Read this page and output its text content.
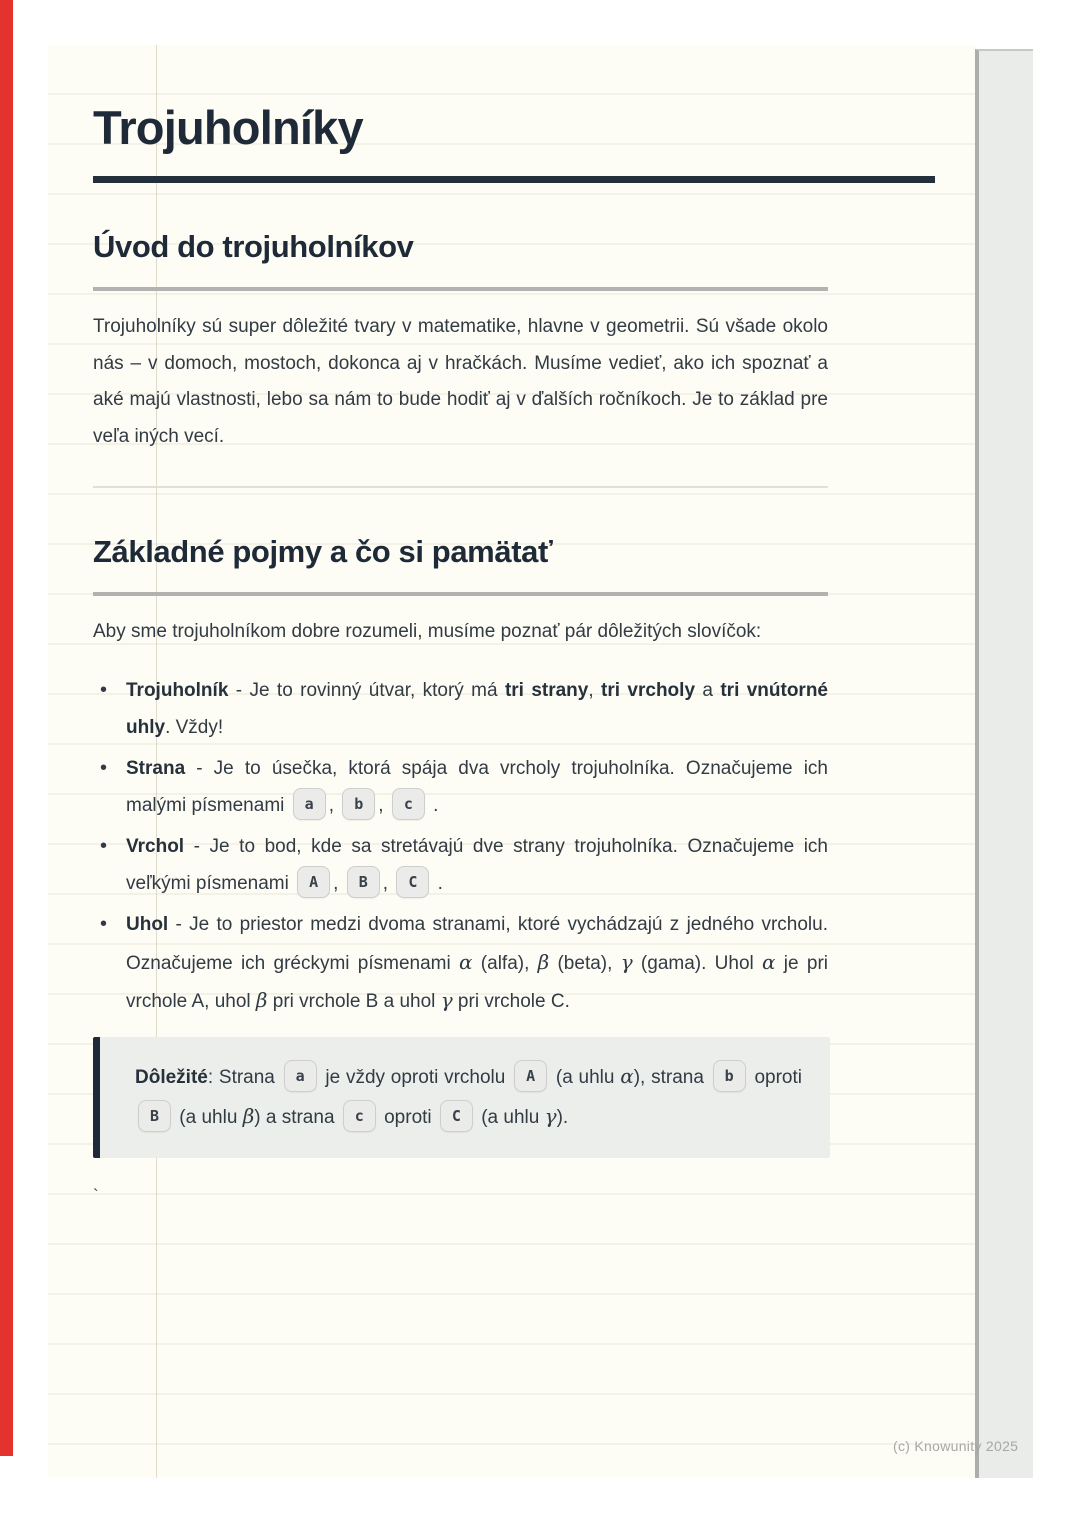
Trojuholníky
Úvod do trojuholníkov

Trojuholníky sú super dôležité tvary v matematike, hlavne v geometrii. Sú všade okolo nás – v domoch, mostoch, dokonca aj v hračkách. Musíme vedieť, ako ich spoznať a aké majú vlastnosti, lebo sa nám to bude hodiť aj v ďalších ročníkoch. Je to základ pre veľa iných vecí.

Základné pojmy a čo si pamätať

Aby sme trojuholníkom dobre rozumeli, musíme poznať pár dôležitých slovíčok:

• Trojuholník - Je to rovinný útvar, ktorý má tri strany, tri vrcholy a tri vnútorné uhly. Vždy!
• Strana - Je to úsečka, ktorá spája dva vrcholy trojuholníka. Označujeme ich malými písmenami a , b , c .
• Vrchol - Je to bod, kde sa stretávajú dve strany trojuholníka. Označujeme ich veľkými písmenami A , B , C .
• Uhol - Je to priestor medzi dvoma stranami, ktoré vychádzajú z jedného vrcholu. Označujeme ich gréckymi písmenami α (alfa), β (beta), γ (gama). Uhol α je pri vrchole A, uhol β pri vrchole B a uhol γ pri vrchole C.

Dôležité: Strana a je vždy oproti vrcholu A (a uhlu α), strana b oproti B (a uhlu β) a strana c oproti C (a uhlu γ).

`
(c) Knowunity 2025
